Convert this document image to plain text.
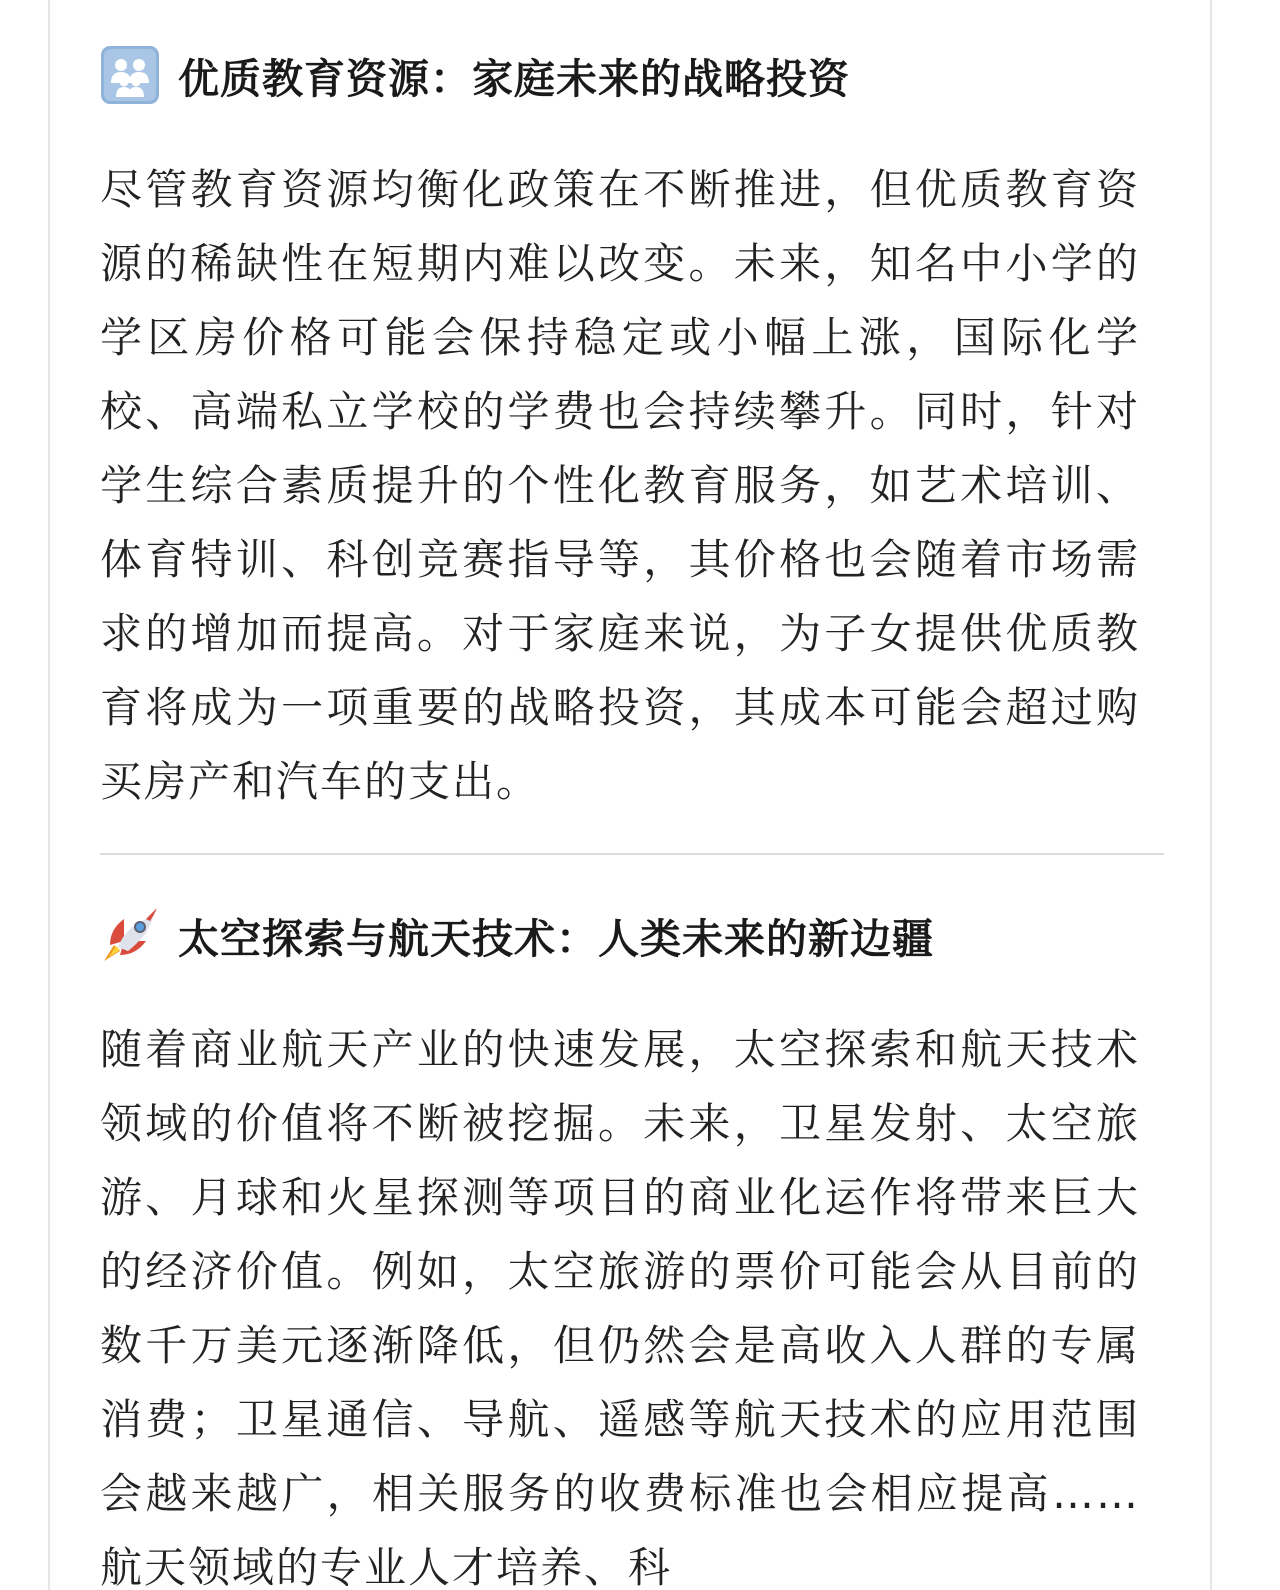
优质教育资源：家庭未来的战略投资

尽管教育资源均衡化政策在不断推进，但优质教育资源的稀缺性在短期内难以改变。未来，知名中小学的学区房价格可能会保持稳定或小幅上涨，国际化学校、高端私立学校的学费也会持续攀升。同时，针对学生综合素质提升的个性化教育服务，如艺术培训、体育特训、科创竞赛指导等，其价格也会随着市场需求的增加而提高。对于家庭来说，为子女提供优质教育将成为一项重要的战略投资，其成本可能会超过购买房产和汽车的支出。

太空探索与航天技术：人类未来的新边疆

随着商业航天产业的快速发展，太空探索和航天技术领域的价值将不断被挖掘。未来，卫星发射、太空旅游、月球和火星探测等项目的商业化运作将带来巨大的经济价值。例如，太空旅游的票价可能会从目前的数千万美元逐渐降低，但仍然会是高收入人群的专属消费；卫星通信、导航、遥感等航天技术的应用范围会越来越广，相关服务的收费标准也会相应提高……航天领域的专业人才培养、科
